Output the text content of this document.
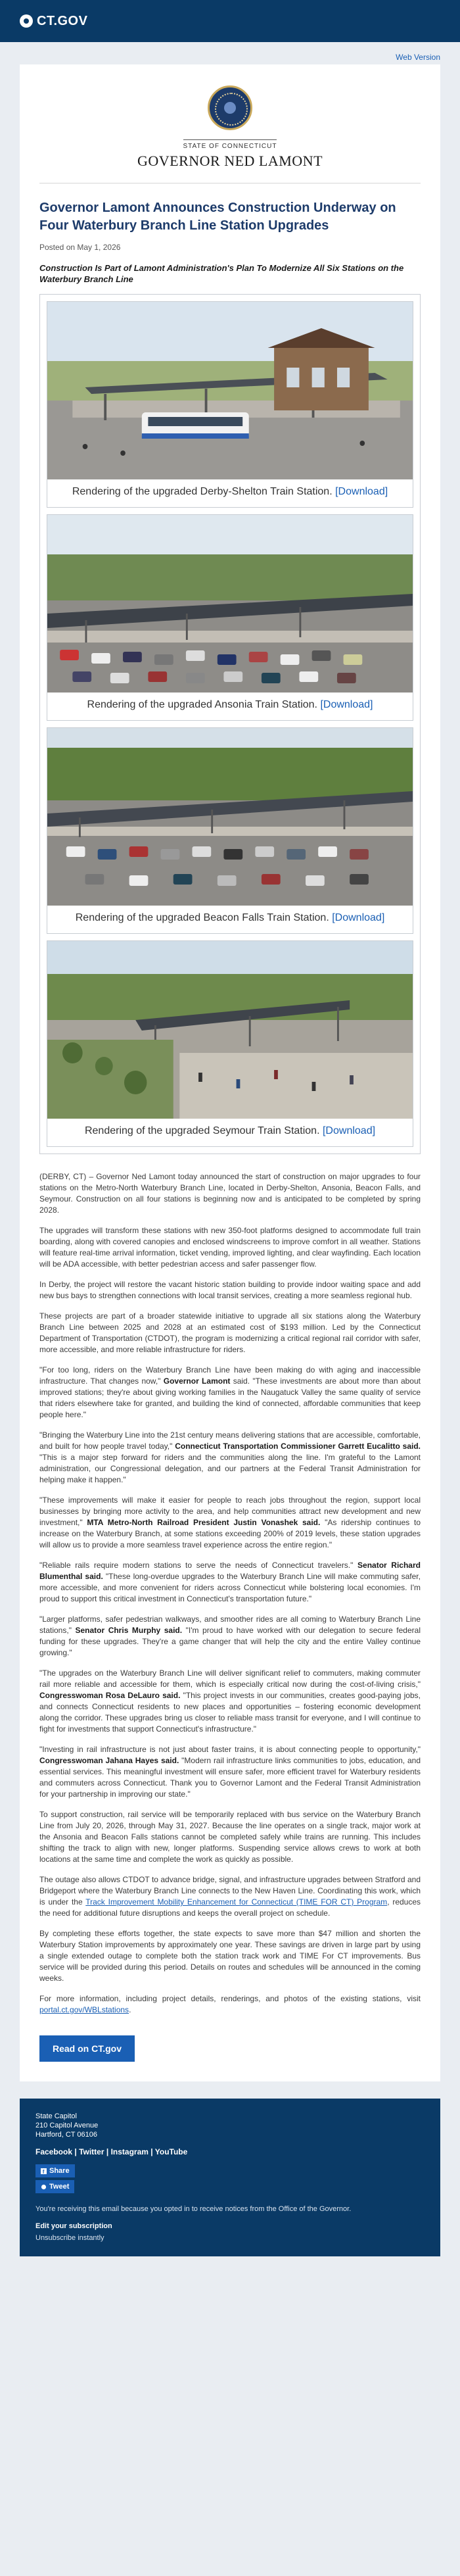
CT.GOV
Web Version
STATE OF CONNECTICUT
GOVERNOR NED LAMONT
Governor Lamont Announces Construction Underway on Four Waterbury Branch Line Station Upgrades
Posted on May 1, 2026
Construction Is Part of Lamont Administration's Plan To Modernize All Six Stations on the Waterbury Branch Line
Rendering of the upgraded Derby-Shelton Train Station. [Download]
Rendering of the upgraded Ansonia Train Station. [Download]
Rendering of the upgraded Beacon Falls Train Station. [Download]
Rendering of the upgraded Seymour Train Station. [Download]

(DERBY, CT) – Governor Ned Lamont today announced the start of construction on major upgrades to four stations on the Metro-North Waterbury Branch Line, located in Derby-Shelton, Ansonia, Beacon Falls, and Seymour. Construction on all four stations is beginning now and is anticipated to be completed by spring 2028.

The upgrades will transform these stations with new 350-foot platforms designed to accommodate full train boarding, along with covered canopies and enclosed windscreens to improve comfort in all weather. Stations will feature real-time arrival information, ticket vending, improved lighting, and clear wayfinding. Each location will be ADA accessible, with better pedestrian access and safer passenger flow.

In Derby, the project will restore the vacant historic station building to provide indoor waiting space and add new bus bays to strengthen connections with local transit services, creating a more seamless regional hub.

These projects are part of a broader statewide initiative to upgrade all six stations along the Waterbury Branch Line between 2025 and 2028 at an estimated cost of $193 million. Led by the Connecticut Department of Transportation (CTDOT), the program is modernizing a critical regional rail corridor with safer, more accessible, and more reliable infrastructure for riders.

"For too long, riders on the Waterbury Branch Line have been making do with aging and inaccessible infrastructure. That changes now," Governor Lamont said. "These investments are about more than about improved stations; they're about giving working families in the Naugatuck Valley the same quality of service that riders elsewhere take for granted, and building the kind of connected, affordable communities that keep people here."

"Bringing the Waterbury Line into the 21st century means delivering stations that are accessible, comfortable, and built for how people travel today," Connecticut Transportation Commissioner Garrett Eucalitto said. "This is a major step forward for riders and the communities along the line. I'm grateful to the Lamont administration, our Congressional delegation, and our partners at the Federal Transit Administration for helping make it happen."

"These improvements will make it easier for people to reach jobs throughout the region, support local businesses by bringing more activity to the area, and help communities attract new development and new investment," MTA Metro-North Railroad President Justin Vonashek said. "As ridership continues to increase on the Waterbury Branch, at some stations exceeding 200% of 2019 levels, these station upgrades will allow us to provide a more seamless travel experience across the entire region."

"Reliable rails require modern stations to serve the needs of Connecticut travelers." Senator Richard Blumenthal said. "These long-overdue upgrades to the Waterbury Branch Line will make commuting safer, more accessible, and more convenient for riders across Connecticut while bolstering local economies. I'm proud to support this critical investment in Connecticut's transportation future."

"Larger platforms, safer pedestrian walkways, and smoother rides are all coming to Waterbury Branch Line stations," Senator Chris Murphy said. "I'm proud to have worked with our delegation to secure federal funding for these upgrades. They're a game changer that will help the city and the entire Valley continue growing."

"The upgrades on the Waterbury Branch Line will deliver significant relief to commuters, making commuter rail more reliable and accessible for them, which is especially critical now during the cost-of-living crisis," Congresswoman Rosa DeLauro said. "This project invests in our communities, creates good-paying jobs, and connects Connecticut residents to new places and opportunities – fostering economic development along the corridor. These upgrades bring us closer to reliable mass transit for everyone, and I will continue to fight for investments that support Connecticut's infrastructure."

"Investing in rail infrastructure is not just about faster trains, it is about connecting people to opportunity," Congresswoman Jahana Hayes said. "Modern rail infrastructure links communities to jobs, education, and essential services. This meaningful investment will ensure safer, more efficient travel for Waterbury residents and commuters across Connecticut. Thank you to Governor Lamont and the Federal Transit Administration for your partnership in improving our state."

To support construction, rail service will be temporarily replaced with bus service on the Waterbury Branch Line from July 20, 2026, through May 31, 2027. Because the line operates on a single track, major work at the Ansonia and Beacon Falls stations cannot be completed safely while trains are running. This includes shifting the track to align with new, longer platforms. Suspending service allows crews to work at both locations at the same time and complete the work as quickly as possible.

The outage also allows CTDOT to advance bridge, signal, and infrastructure upgrades between Stratford and Bridgeport where the Waterbury Branch Line connects to the New Haven Line. Coordinating this work, which is under the Track Improvement Mobility Enhancement for Connecticut (TIME FOR CT) Program, reduces the need for additional future disruptions and keeps the overall project on schedule.

By completing these efforts together, the state expects to save more than $47 million and shorten the Waterbury Station improvements by approximately one year. These savings are driven in large part by using a single extended outage to complete both the station track work and TIME For CT improvements. Bus service will be provided during this period. Details on routes and schedules will be announced in the coming weeks.

For more information, including project details, renderings, and photos of the existing stations, visit portal.ct.gov/WBLstations.

Read on CT.gov
State Capitol
210 Capitol Avenue
Hartford, CT 06106
Facebook | Twitter | Instagram | YouTube
f Share
Tweet
You're receiving this email because you opted in to receive notices from the Office of the Governor.
Edit your subscription
Unsubscribe instantly
